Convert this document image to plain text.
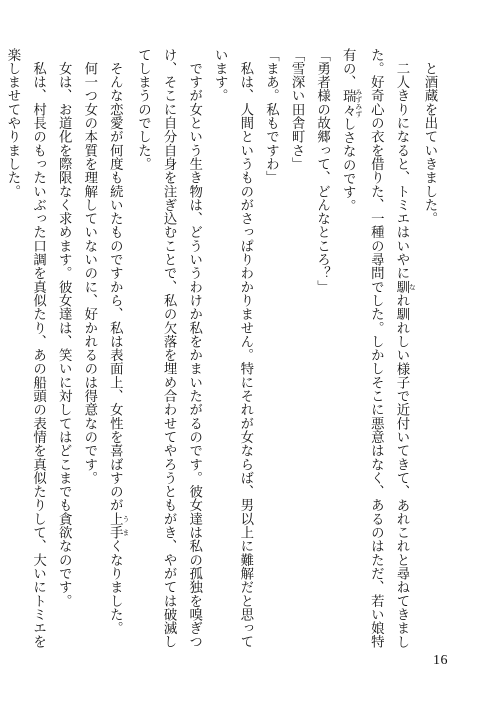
　と酒蔵を出ていきました。
　二人きりになると、トミエはいやに馴 なれ馴れしい様子で近付いてきて、あれこれと尋ねてきまし
た。好奇心の衣を借りた、一種の尋問でした。しかしそこに悪意はなく、あるのはただ、若い娘特
有の、瑞々 みずみずしさなのです。
「勇者様の故郷って、どんなところ？」
「雪深い田舎町さ」
「まあ。私もですわ」
　私は、人間というものがさっぱりわかりません。特にそれが女ならば、男以上に難解だと思って
います。
　ですが女という生き物は、どういうわけか私をかまいたがるのです。彼女達は私の孤独を嗅ぎつ
け、そこに自分自身を注ぎ込むことで、私の欠落を埋め合わせてやろうともがき、やがては破滅し
てしまうのでした。
　そんな恋愛が何度も続いたものですから、私は表面上、女性を喜ばすのが上手 うまくなりました。
　何一つ女の本質を理解していないのに、好かれるのは得意なのです。
　女は、お道化を際限なく求めます。彼女達は、笑いに対してはどこまでも貪欲なのです。
　私は、村長のもったいぶった口調を真似たり、あの船頭の表情を真似たりして、大いにトミエを
楽しませてやりました。
16
